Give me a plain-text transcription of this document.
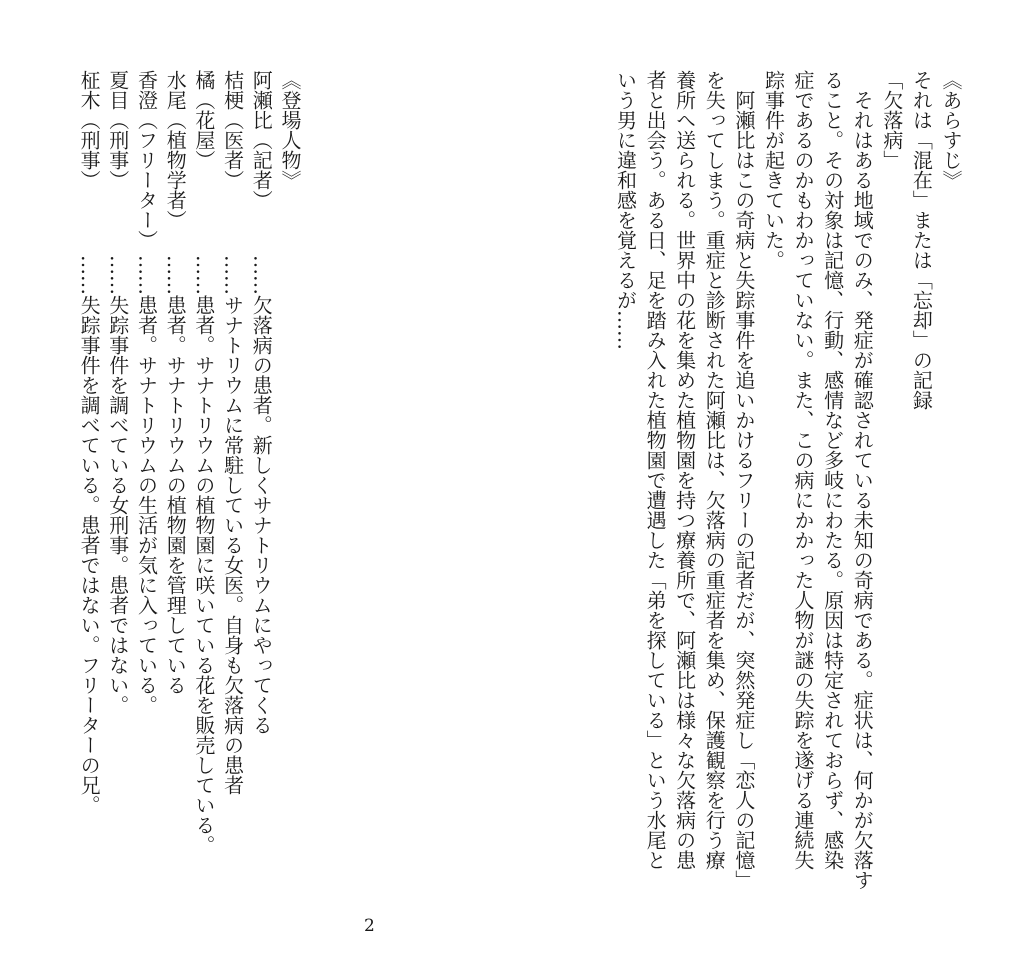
《あらすじ》
それは「混在」または「忘却」の記録
「欠落病」
それはある地域でのみ、発症が確認されている未知の奇病である。症状は、何かが欠落す
ること。その対象は記憶、行動、感情など多岐にわたる。原因は特定されておらず、感染
症であるのかもわかっていない。また、この病にかかった人物が謎の失踪を遂げる連続失
踪事件が起きていた。
阿瀬比はこの奇病と失踪事件を追いかけるフリーの記者だが、突然発症し「恋人の記憶」
を失ってしまう。重症と診断された阿瀬比は、欠落病の重症者を集め、保護観察を行う療
養所へ送られる。世界中の花を集めた植物園を持つ療養所で、阿瀬比は様々な欠落病の患
者と出会う。ある日、足を踏み入れた植物園で遭遇した「弟を探している」という水尾と
いう男に違和感を覚えるが……
《登場人物》
阿瀬比（記者）……欠落病の患者。新しくサナトリウムにやってくる
桔梗（医者）……サナトリウムに常駐している女医。自身も欠落病の患者
橘（花屋）……患者。サナトリウムの植物園に咲いている花を販売している。
水尾（植物学者）……患者。サナトリウムの植物園を管理している
香澄（フリーター）……患者。サナトリウムの生活が気に入っている。
夏目（刑事）……失踪事件を調べている女刑事。患者ではない。
柾木（刑事）……失踪事件を調べている。患者ではない。フリーターの兄。
2
